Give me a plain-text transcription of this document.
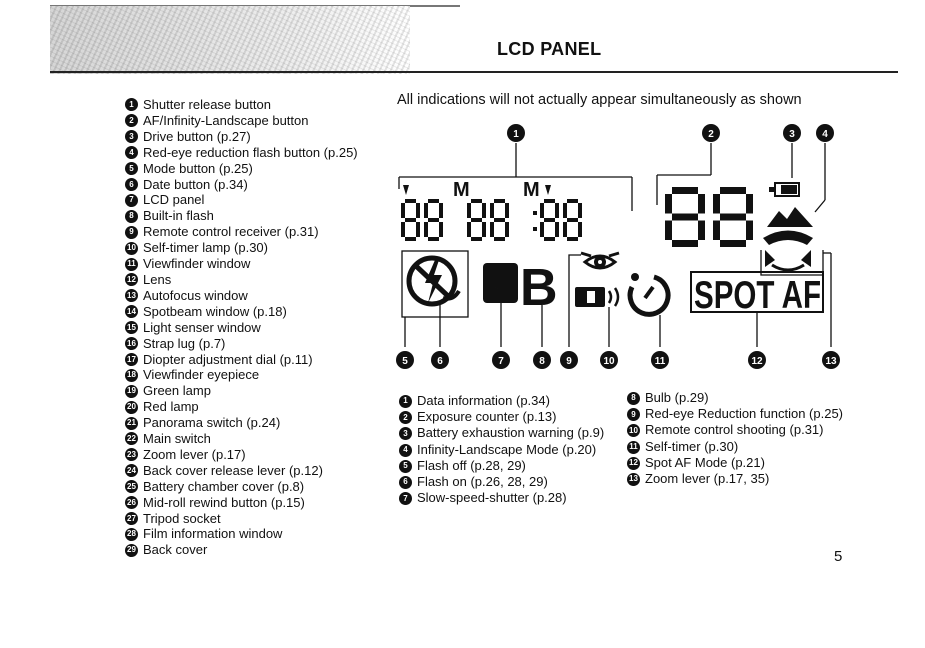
LCD PANEL
1 Shutter release button
2 AF/Infinity-Landscape button
3 Drive button (p.27)
4 Red-eye reduction flash button (p.25)
5 Mode button (p.25)
6 Date button (p.34)
7 LCD panel
8 Built-in flash
9 Remote control receiver (p.31)
10 Self-timer lamp (p.30)
11 Viewfinder window
12 Lens
13 Autofocus window
14 Spotbeam window (p.18)
15 Light senser window
16 Strap lug (p.7)
17 Diopter adjustment dial (p.11)
18 Viewfinder eyepiece
19 Green lamp
20 Red lamp
21 Panorama switch (p.24)
22 Main switch
23 Zoom lever (p.17)
24 Back cover release lever (p.12)
25 Battery chamber cover (p.8)
26 Mid-roll rewind button (p.15)
27 Tripod socket
28 Film information window
29 Back cover
All indications will not actually appear simultaneously as shown
1	2	3	4
M	M
B	SPOT AF
5	6	7	8 9	10	11	12	13
1 Data information (p.34)
2 Exposure counter (p.13)
3 Battery exhaustion warning (p.9)
4 Infinity-Landscape Mode (p.20)
5 Flash off (p.28, 29)
6 Flash on (p.26, 28, 29)
7 Slow-speed-shutter (p.28)
8 Bulb (p.29)
9 Red-eye Reduction function (p.25)
10 Remote control shooting (p.31)
11 Self-timer (p.30)
12 Spot AF Mode (p.21)
13 Zoom lever (p.17, 35)
5
